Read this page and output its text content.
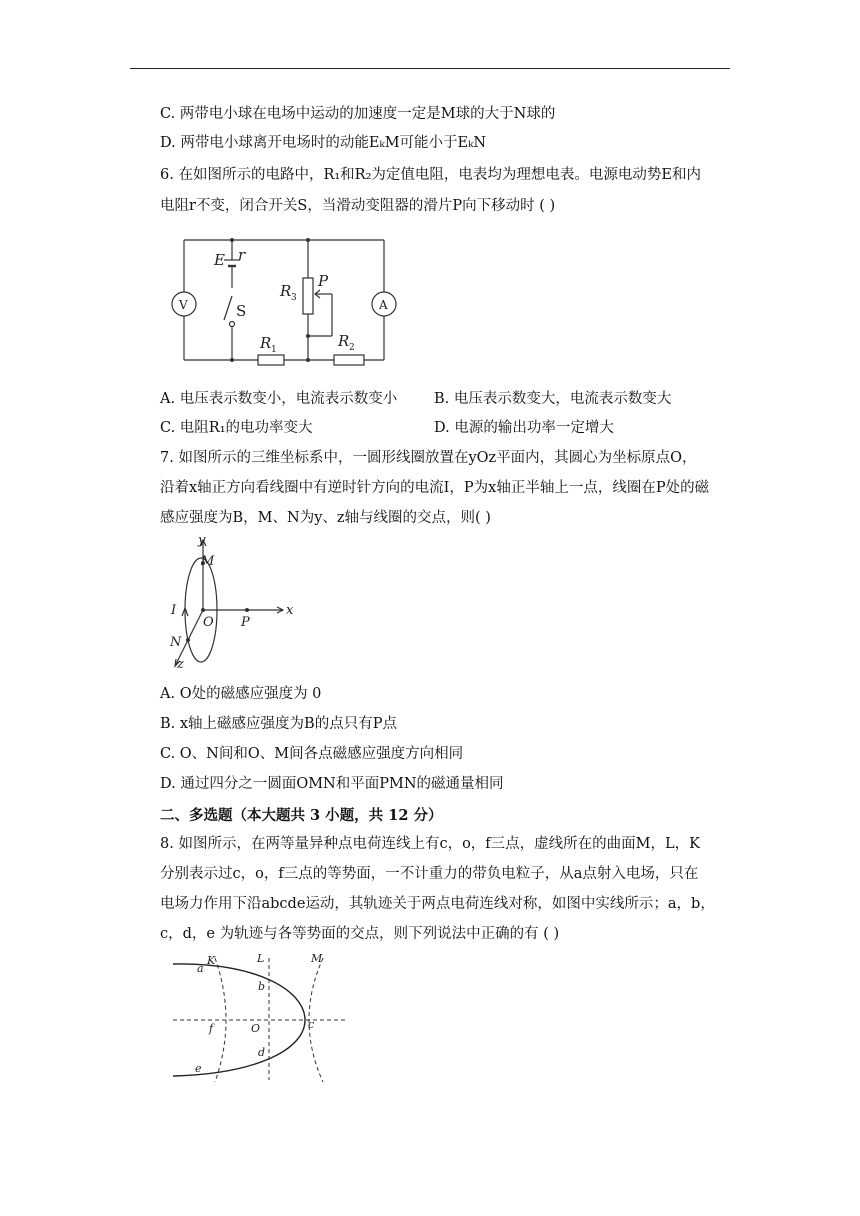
C. 两带电小球在电场中运动的加速度一定是M球的大于N球的
D. 两带电小球离开电场时的动能EₖM可能小于EₖN
6. 在如图所示的电路中，R₁和R₂为定值电阻，电表均为理想电表。电源电动势E和内
电阻r不变，闭合开关S，当滑动变阻器的滑片P向下移动时 ( )
E r
S
R 1	R 2
R 3
P
V	A
A. 电压表示数变小，电流表示数变小	B. 电压表示数变大，电流表示数变大
C. 电阻R₁的电功率变大	D. 电源的输出功率一定增大
7. 如图所示的三维坐标系中，一圆形线圈放置在yOz平面内，其圆心为坐标原点O，
沿着x轴正方向看线圈中有逆时针方向的电流I，P为x轴正半轴上一点，线圈在P处的磁
感应强度为B，M、N为y、z轴与线圈的交点，则( )
y
M
I
O P
x
N
z
A. O处的磁感应强度为 0
B. x轴上磁感应强度为B的点只有P点
C. O、N间和O、M间各点磁感应强度方向相同
D. 通过四分之一圆面OMN和平面PMN的磁通量相同
二、多选题（本大题共 3 小题，共 12 分）
8. 如图所示，在两等量异种点电荷连线上有c，o，f三点，虚线所在的曲面M，L，K
分别表示过c，o，f三点的等势面，一不计重力的带负电粒子，从a点射入电场，只在
电场力作用下沿abcde运动，其轨迹关于两点电荷连线对称，如图中实线所示；a，b，
c，d，e 为轨迹与各等势面的交点，则下列说法中正确的有 ( )
K	L	M
a
b
c
d
e
f	O
